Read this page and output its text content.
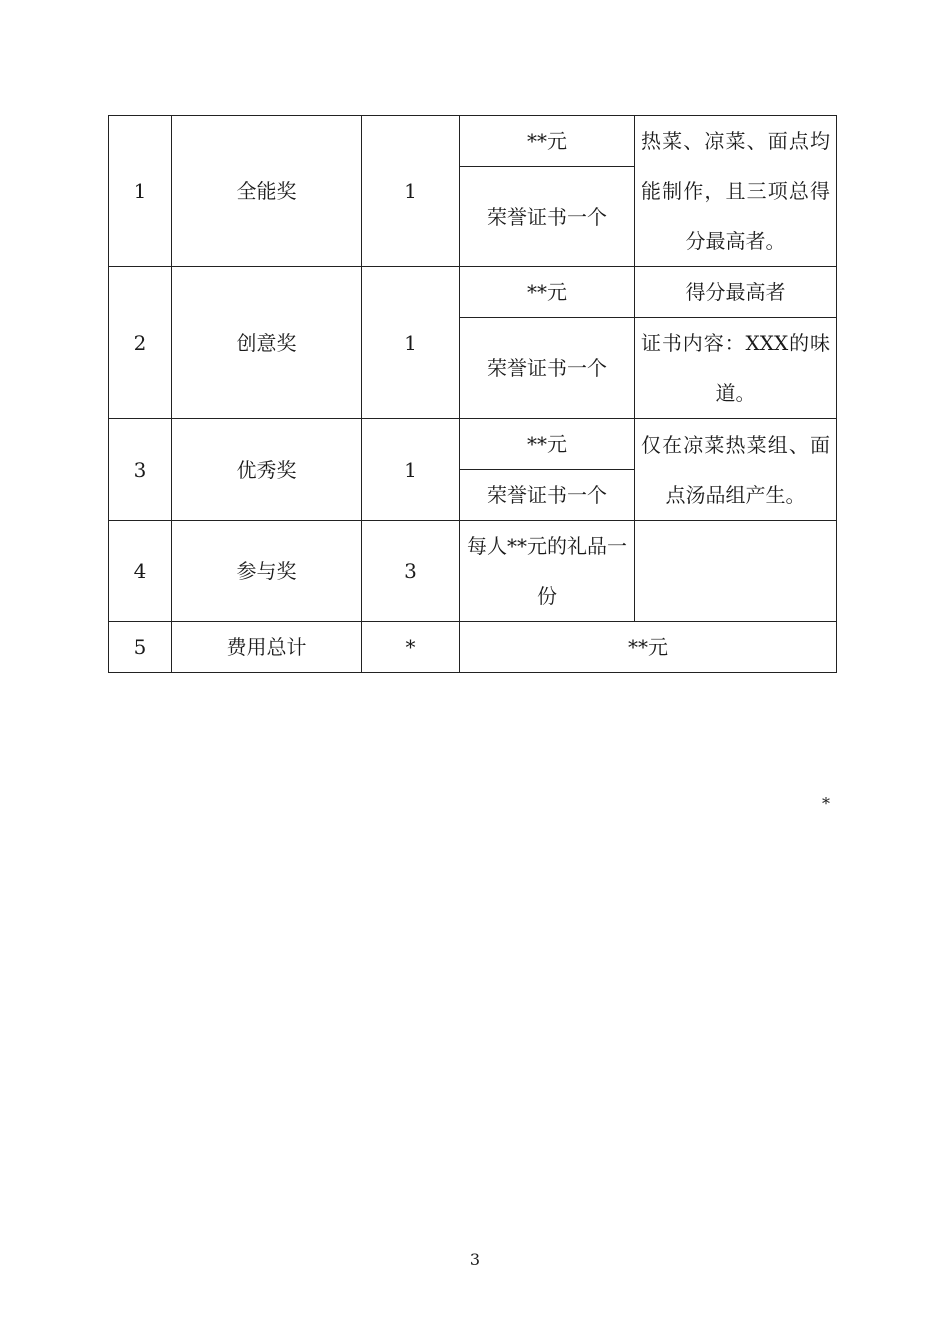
1	全能奖	1	**元	热菜、凉菜、面点均能制作，且三项总得分最高者。
			荣誉证书一个	
2	创意奖	1	**元	得分最高者
			荣誉证书一个	证书内容：XXX的味道。
3	优秀奖	1	**元	仅在凉菜热菜组、面点汤品组产生。
			荣誉证书一个	
4	参与奖	3	每人**元的礼品一份	
5	费用总计	*	**元	
*
3
